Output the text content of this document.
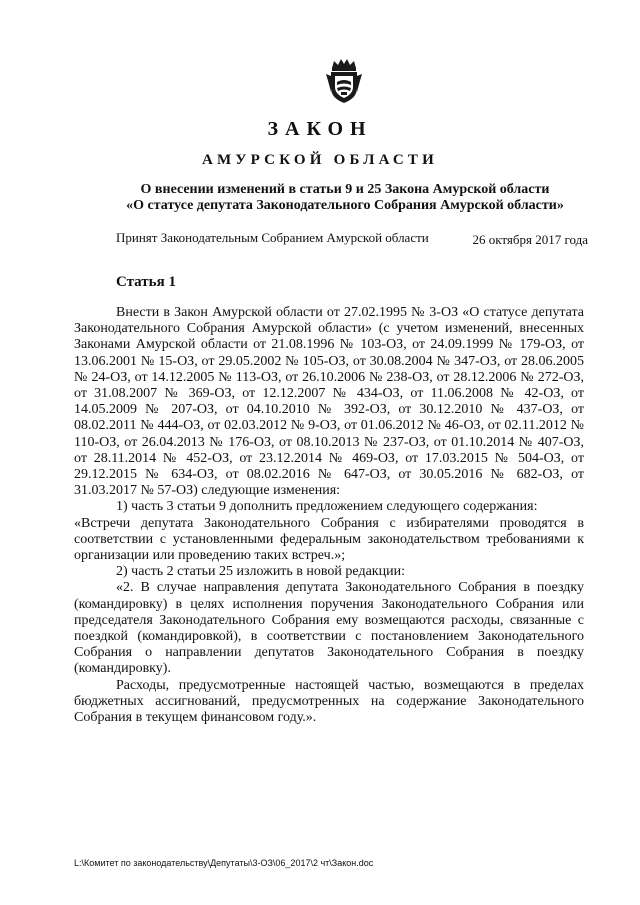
ЗАКОН
АМУРСКОЙ ОБЛАСТИ
О внесении изменений в статьи 9 и 25 Закона Амурской области
«О статусе депутата Законодательного Собрания Амурской области»
Принят Законодательным Собранием Амурской области	26 октября 2017 года
Статья 1

Внести в Закон Амурской области от 27.02.1995 № 3-ОЗ «О статусе депутата Законодательного Собрания Амурской области» (с учетом изменений, внесенных Законами Амурской области от 21.08.1996 № 103-ОЗ, от 24.09.1999 № 179-ОЗ, от 13.06.2001 № 15-ОЗ, от 29.05.2002 № 105-ОЗ, от 30.08.2004 № 347-ОЗ, от 28.06.2005 № 24-ОЗ, от 14.12.2005 № 113-ОЗ, от 26.10.2006 № 238-ОЗ, от 28.12.2006 № 272-ОЗ, от 31.08.2007 № 369-ОЗ, от 12.12.2007 № 434-ОЗ, от 11.06.2008 № 42-ОЗ, от 14.05.2009 № 207-ОЗ, от 04.10.2010 № 392-ОЗ, от 30.12.2010 № 437-ОЗ, от 08.02.2011 № 444-ОЗ, от 02.03.2012 № 9-ОЗ, от 01.06.2012 № 46-ОЗ, от 02.11.2012 № 110-ОЗ, от 26.04.2013 № 176-ОЗ, от 08.10.2013 № 237-ОЗ, от 01.10.2014 № 407-ОЗ, от 28.11.2014 № 452-ОЗ, от 23.12.2014 № 469-ОЗ, от 17.03.2015 № 504-ОЗ, от 29.12.2015 № 634-ОЗ, от 08.02.2016 № 647-ОЗ, от 30.05.2016 № 682-ОЗ, от 31.03.2017 № 57-ОЗ) следующие изменения:

1) часть 3 статьи 9 дополнить предложением следующего содержания:

«Встречи депутата Законодательного Собрания с избирателями проводятся в соответствии с установленными федеральным законодательством требованиями к организации или проведению таких встреч.»;

2) часть 2 статьи 25 изложить в новой редакции:

«2. В случае направления депутата Законодательного Собрания в поездку (командировку) в целях исполнения поручения Законодательного Собрания или председателя Законодательного Собрания ему возмещаются расходы, связанные с поездкой (командировкой), в соответствии с постановлением Законодательного Собрания о направлении депутатов Законодательного Собрания в поездку (командировку).

Расходы, предусмотренные настоящей частью, возмещаются в пределах бюджетных ассигнований, предусмотренных на содержание Законодательного Собрания в текущем финансовом году.».

L:\Комитет по законодательству\Депутаты\3-ОЗ\06_2017\2 чт\Закон.doc
